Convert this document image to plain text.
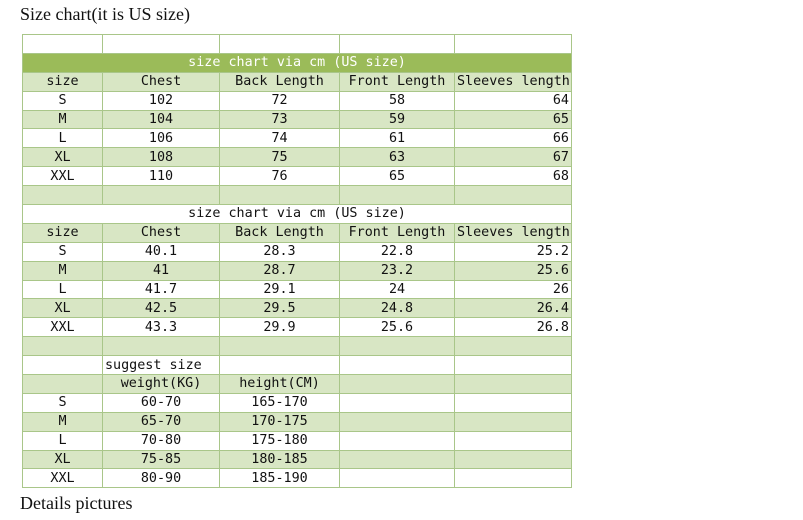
Size chart(it is US size)

size chart via cm (US size)				
size	Chest	Back Length	Front Length	Sleeves length
S	102	72	58	64
M	104	73	59	65
L	106	74	61	66
XL	108	75	63	67
XXL	110	76	65	68

size chart via cm (US size)				
size	Chest	Back Length	Front Length	Sleeves length
S	40.1	28.3	22.8	25.2
M	41	28.7	23.2	25.6
L	41.7	29.1	24	26
XL	42.5	29.5	24.8	26.4
XXL	43.3	29.9	25.6	26.8

	suggest size			
	weight(KG)	height(CM)		
S	60-70	165-170		
M	65-70	170-175		
L	70-80	175-180		
XL	75-85	180-185		
XXL	80-90	185-190		
Details pictures
